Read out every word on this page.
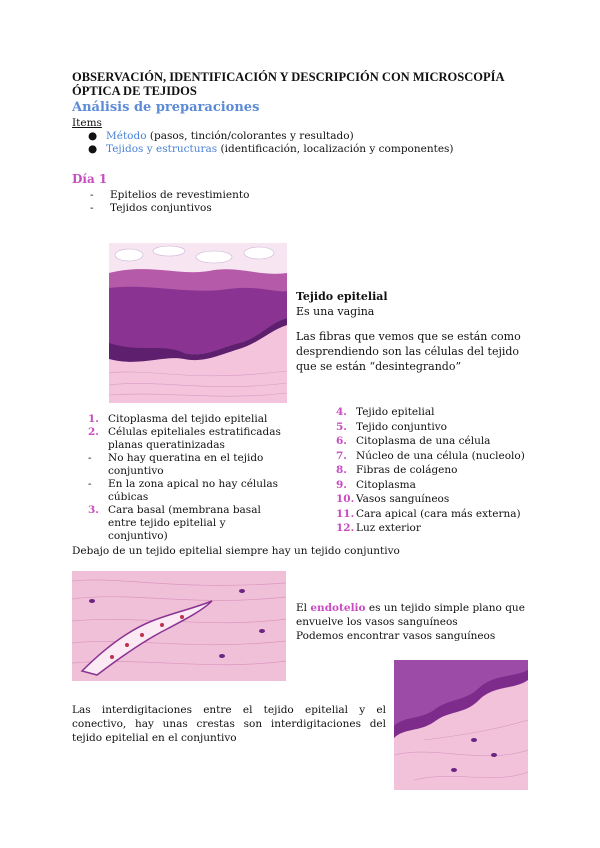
OBSERVACIÓN, IDENTIFICACIÓN Y DESCRIPCIÓN CON MICROSCOPÍA ÓPTICA DE TEJIDOS
Análisis de preparaciones
Items
● Método (pasos, tinción/colorantes y resultado)
● Tejidos y estructuras (identificación, localización y componentes)
Día 1
- Epitelios de revestimiento
- Tejidos conjuntivos
Tejido epitelial
Es una vagina
Las fibras que vemos que se están como desprendiendo son las células del tejido que se están “desintegrando”
1. Citoplasma del tejido epitelial
2. Células epiteliales estratificadas planas queratinizadas
-	No hay queratina en el tejido conjuntivo
-	En la zona apical no hay células cúbicas
3. Cara basal (membrana basal entre tejido epitelial y conjuntivo)
4. Tejido epitelial
5. Tejido conjuntivo
6. Citoplasma de una célula
7. Núcleo de una célula (nucleolo)
8. Fibras de colágeno
9. Citoplasma
10. Vasos sanguíneos
11. Cara apical (cara más externa)
12. Luz exterior
Debajo de un tejido epitelial siempre hay un tejido conjuntivo
El endotelio es un tejido simple plano que envuelve los vasos sanguíneos
Podemos encontrar vasos sanguíneos
Las interdigitaciones entre el tejido epitelial y el conectivo, hay unas crestas son interdigitaciones del tejido epitelial en el conjuntivo
